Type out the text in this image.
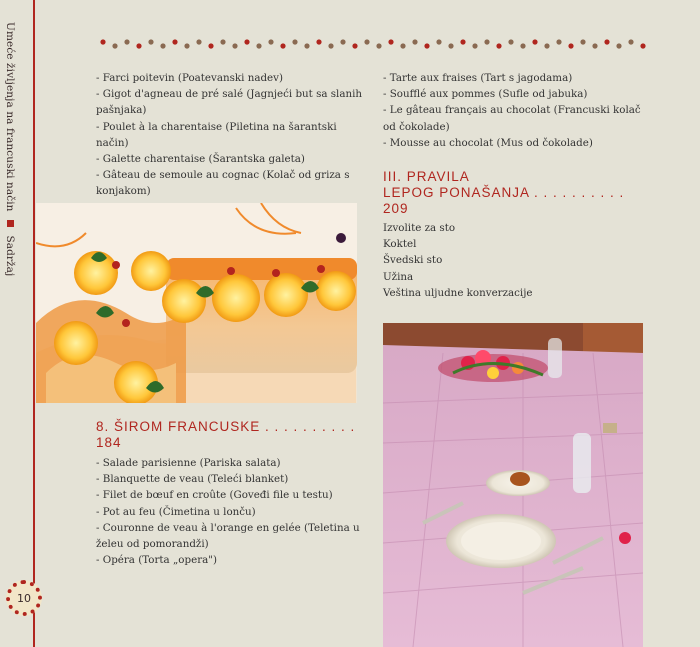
Umeće življenja na francuski način  Sadržaj
10
- Farci poitevin (Poatevanski nadev)
- Gigot d'agneau de pré salé (Jagnjeći but sa slanih pašnjaka)
- Poulet à la charentaise (Piletina na šarantski način)
- Galette charentaise (Šarantska galeta)
- Gâteau de semoule au cognac (Kolač od griza s konjakom)
8. ŠIROM FRANCUSKE . . . . . . . . . . 184
- Salade parisienne (Pariska salata)
- Blanquette de veau (Teleći blanket)
- Filet de bœuf en croûte (Goveđi file u testu)
- Pot au feu (Čimetina u lonču)
- Couronne de veau à l'orange en gelée (Teletina u želeu od pomorandži)
- Opéra (Torta „opera")
- Tarte aux fraises (Tart s jagodama)
- Soufflé aux pommes (Sufle od jabuka)
- Le gâteau français au chocolat (Francuski kolač od čokolade)
- Mousse au chocolat (Mus od čokolade)
III. PRAVILA
LEPOG PONAŠANJA . . . . . . . . . . 209
Izvolite za sto
Koktel
Švedski sto
Užina
Veština uljudne konverzacije
